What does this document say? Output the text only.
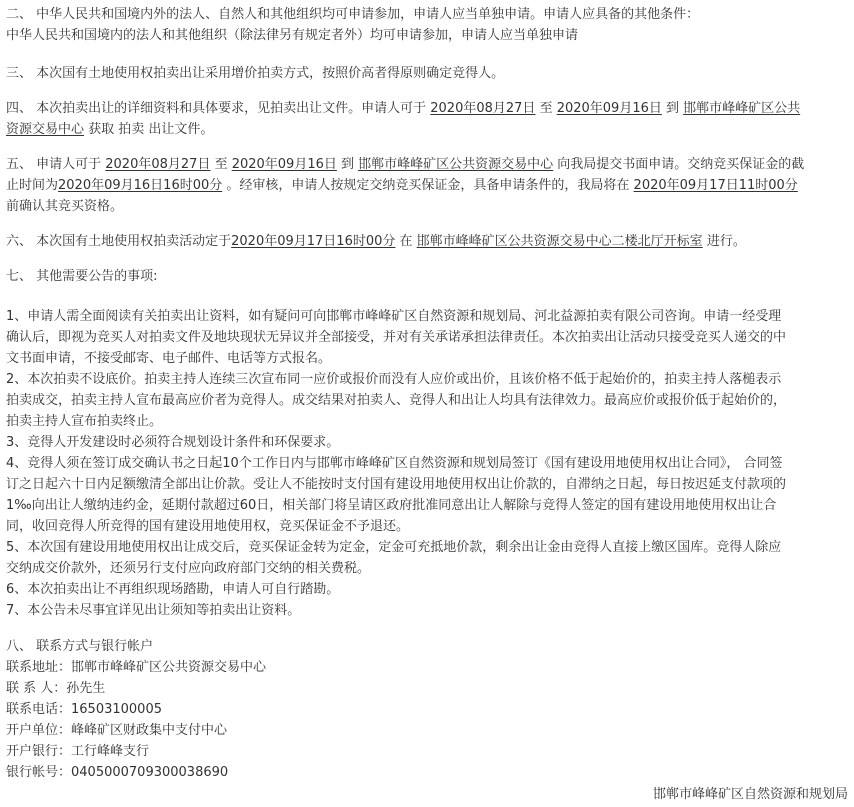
二、 中华人民共和国境内外的法人、自然人和其他组织均可申请参加，申请人应当单独申请。申请人应具备的其他条件：
中华人民共和国境内的法人和其他组织（除法律另有规定者外）均可申请参加，申请人应当单独申请
三、 本次国有土地使用权拍卖出让采用增价拍卖方式，按照价高者得原则确定竞得人。
四、 本次拍卖出让的详细资料和具体要求，见拍卖出让文件。申请人可于 2020年08月27日 至 2020年09月16日 到 邯郸市峰峰矿区公共
资源交易中心 获取 拍卖 出让文件。
五、 申请人可于 2020年08月27日 至 2020年09月16日 到 邯郸市峰峰矿区公共资源交易中心 向我局提交书面申请。交纳竞买保证金的截
止时间为2020年09月16日16时00分 。经审核，申请人按规定交纳竞买保证金，具备申请条件的，我局将在 2020年09月17日11时00分
前确认其竞买资格。
六、 本次国有土地使用权拍卖活动定于2020年09月17日16时00分 在 邯郸市峰峰矿区公共资源交易中心二楼北厅开标室 进行。
七、 其他需要公告的事项:
1、申请人需全面阅读有关拍卖出让资料，如有疑问可向邯郸市峰峰矿区自然资源和规划局、河北益源拍卖有限公司咨询。申请一经受理
确认后，即视为竞买人对拍卖文件及地块现状无异议并全部接受，并对有关承诺承担法律责任。本次拍卖出让活动只接受竞买人递交的中
文书面申请，不接受邮寄、电子邮件、电话等方式报名。
2、本次拍卖不设底价。拍卖主持人连续三次宣布同一应价或报价而没有人应价或出价，且该价格不低于起始价的，拍卖主持人落槌表示
拍卖成交，拍卖主持人宣布最高应价者为竞得人。成交结果对拍卖人、竞得人和出让人均具有法律效力。最高应价或报价低于起始价的，
拍卖主持人宣布拍卖终止。
3、竞得人开发建设时必须符合规划设计条件和环保要求。
4、竞得人须在签订成交确认书之日起10个工作日内与邯郸市峰峰矿区自然资源和规划局签订《国有建设用地使用权出让合同》， 合同签
订之日起六十日内足额缴清全部出让价款。受让人不能按时支付国有建设用地使用权出让价款的，自滞纳之日起，每日按迟延支付款项的
1‰向出让人缴纳违约金，延期付款超过60日，相关部门将呈请区政府批准同意出让人解除与竞得人签定的国有建设用地使用权出让合
同，收回竞得人所竞得的国有建设用地使用权，竞买保证金不予退还。
5、本次国有建设用地使用权出让成交后，竞买保证金转为定金，定金可充抵地价款，剩余出让金由竞得人直接上缴区国库。竞得人除应
交纳成交价款外，还须另行支付应向政府部门交纳的相关费税。
6、本次拍卖出让不再组织现场踏勘，申请人可自行踏勘。
7、本公告未尽事宜详见出让须知等拍卖出让资料。
八、 联系方式与银行帐户
联系地址：邯郸市峰峰矿区公共资源交易中心
联 系 人：孙先生
联系电话：16503100005
开户单位：峰峰矿区财政集中支付中心
开户银行：工行峰峰支行
银行帐号：0405000709300038690
邯郸市峰峰矿区自然资源和规划局
